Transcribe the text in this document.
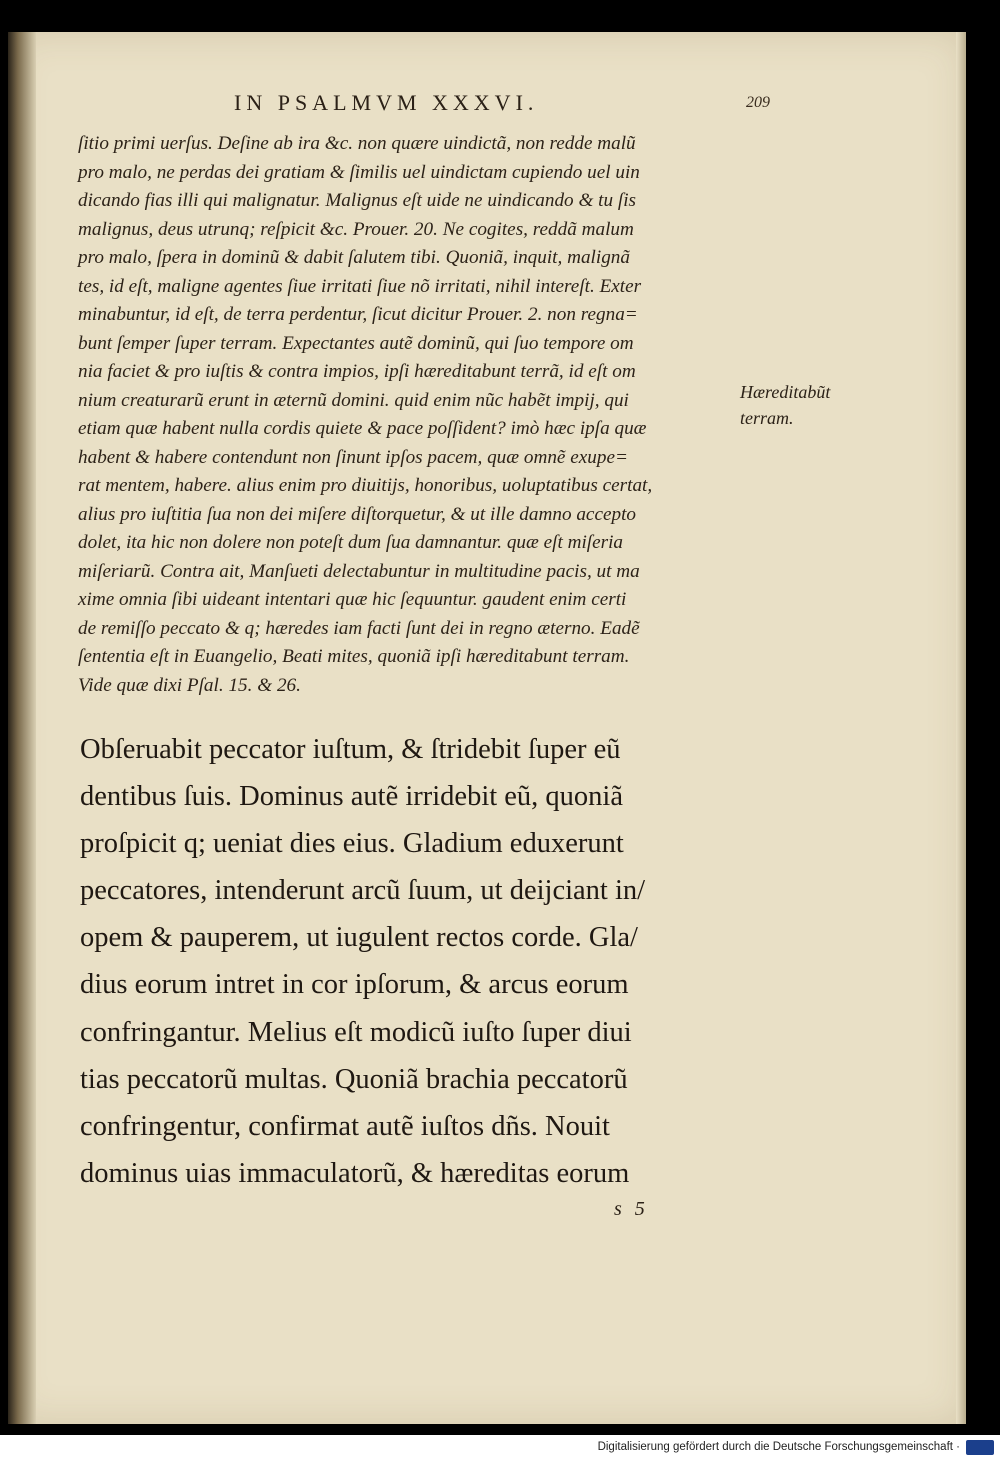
IN PSALMVM XXXVI.	209
ſitio primi uerſus. Deſine ab ira &c. non quære uindictã, non redde malũ
pro malo, ne perdas dei gratiam & ſimilis uel uindictam cupiendo uel uin
dicando fias illi qui malignatur. Malignus eſt uide ne uindicando & tu ſis
malignus, deus utrunq; reſpicit &c. Prouer. 20. Ne cogites, reddã malum
pro malo, ſpera in dominũ & dabit ſalutem tibi. Quoniã, inquit, malignã
tes, id eſt, maligne agentes ſiue irritati ſiue nõ irritati, nihil intereſt. Exter
minabuntur, id eſt, de terra perdentur, ſicut dicitur Prouer. 2. non regna=
bunt ſemper ſuper terram. Expectantes autẽ dominũ, qui ſuo tempore om
nia faciet & pro iuſtis & contra impios, ipſi hæreditabunt terrã, id eſt om
nium creaturarũ erunt in æternũ domini. quid enim nũc habẽt impij, qui
etiam quæ habent nulla cordis quiete & pace poſſident? imò hæc ipſa quæ
habent & habere contendunt non ſinunt ipſos pacem, quæ omnẽ exupe=
rat mentem, habere. alius enim pro diuitijs, honoribus, uoluptatibus certat,
alius pro iuſtitia ſua non dei miſere diſtorquetur, & ut ille damno accepto
dolet, ita hic non dolere non poteſt dum ſua damnantur. quæ eſt miſeria
miſeriarũ. Contra ait, Manſueti delectabuntur in multitudine pacis, ut ma
xime omnia ſibi uideant intentari quæ hic ſequuntur. gaudent enim certi
de remiſſo peccato & q; hæredes iam facti ſunt dei in regno æterno. Eadẽ
ſententia eſt in Euangelio, Beati mites, quoniã ipſi hæreditabunt terram.
Vide quæ dixi Pſal. 15. & 26.
Hæreditabũt
terram.
Obſeruabit peccator iuſtum, & ſtridebit ſuper eũ
dentibus ſuis. Dominus autẽ irridebit eũ, quoniã
proſpicit q; ueniat dies eius. Gladium eduxerunt
peccatores, intenderunt arcũ ſuum, ut deijciant in/
opem & pauperem, ut iugulent rectos corde. Gla/
dius eorum intret in cor ipſorum, & arcus eorum
confringantur. Melius eſt modicũ iuſto ſuper diui
tias peccatorũ multas. Quoniã brachia peccatorũ
confringentur, confirmat autẽ iuſtos dñs. Nouit
dominus uias immaculatorũ, & hæreditas eorum
s 5
Digitalisierung gefördert durch die Deutsche Forschungsgemeinschaft ·
